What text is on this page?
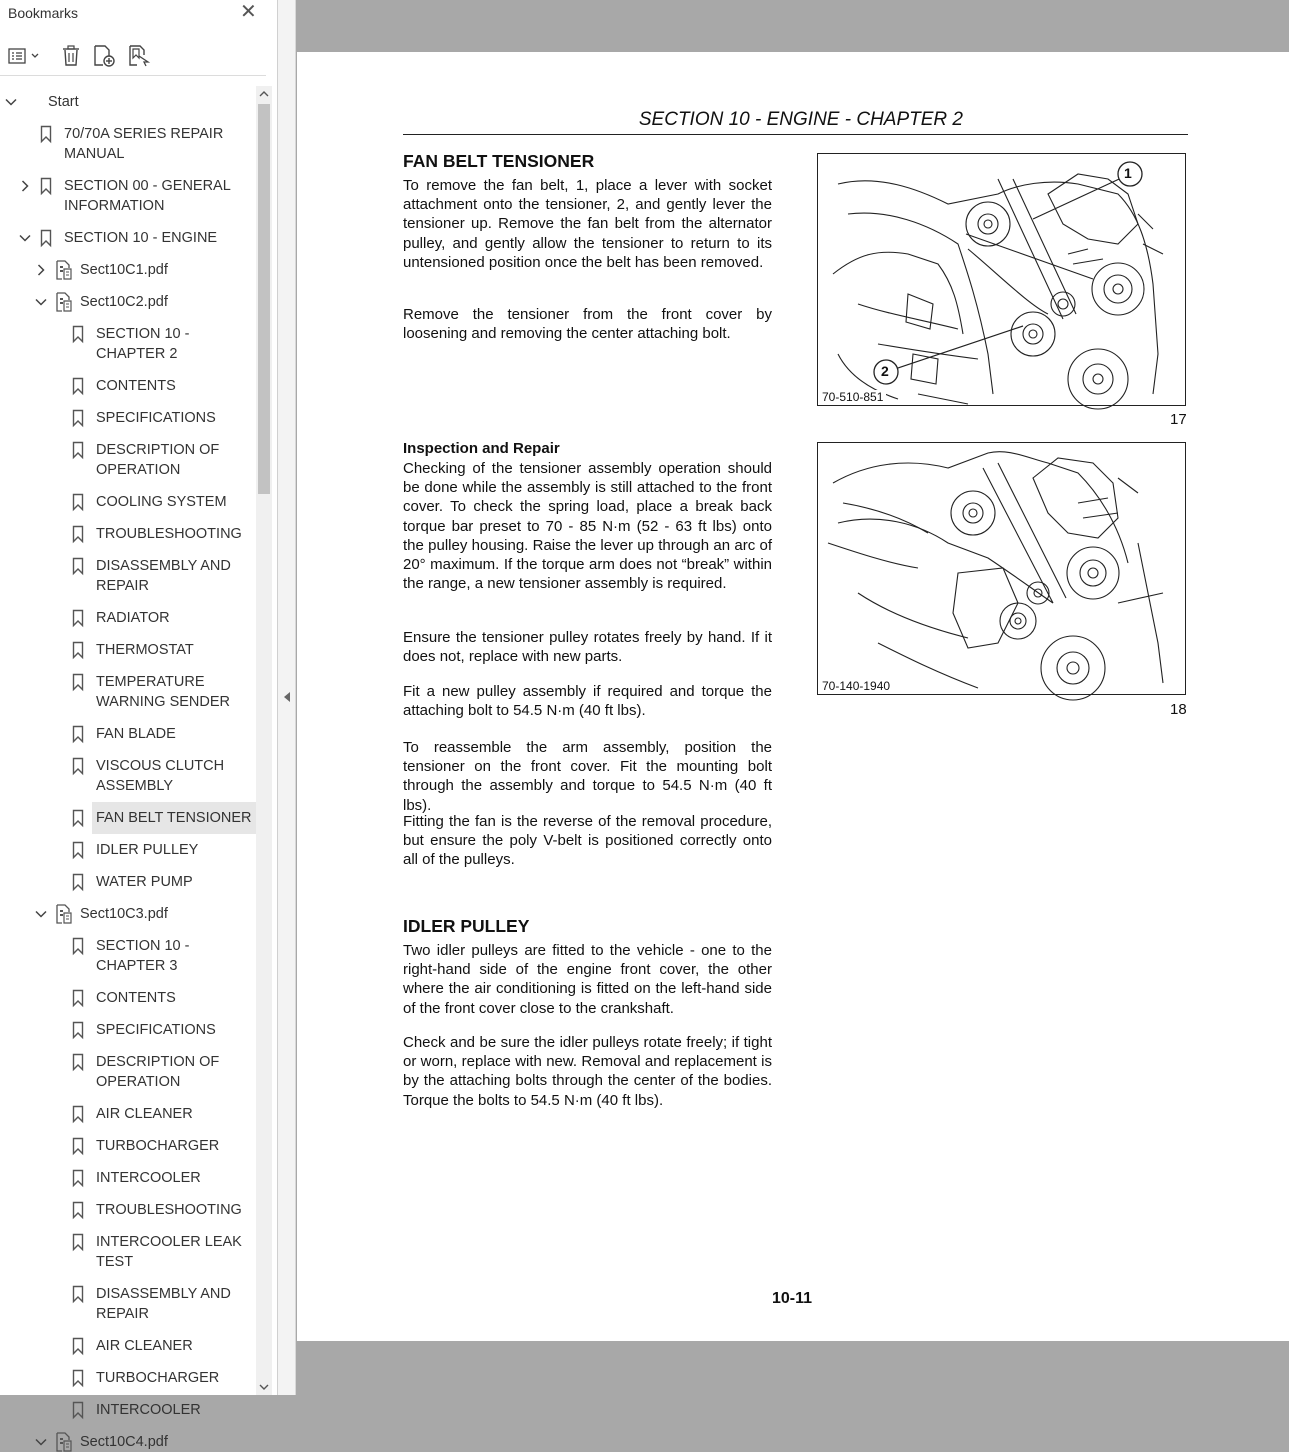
Bookmarks	✕
Start
70/70A SERIES REPAIR MANUAL
SECTION 00 - GENERAL INFORMATION
SECTION 10 - ENGINE
Sect10C1.pdf
Sect10C2.pdf
SECTION 10 - CHAPTER 2
CONTENTS
SPECIFICATIONS
DESCRIPTION OF OPERATION
COOLING SYSTEM
TROUBLESHOOTING
DISASSEMBLY AND REPAIR
RADIATOR
THERMOSTAT
TEMPERATURE WARNING SENDER
FAN BLADE
VISCOUS CLUTCH ASSEMBLY
FAN BELT TENSIONER
IDLER PULLEY
WATER PUMP
Sect10C3.pdf
SECTION 10 - CHAPTER 3
CONTENTS
SPECIFICATIONS
DESCRIPTION OF OPERATION
AIR CLEANER
TURBOCHARGER
INTERCOOLER
TROUBLESHOOTING
INTERCOOLER LEAK TEST
DISASSEMBLY AND REPAIR
AIR CLEANER
TURBOCHARGER
INTERCOOLER
Sect10C4.pdf
SECTION 10 - ENGINE - CHAPTER 2
FAN BELT TENSIONER
To remove the fan belt, 1, place a lever with socket attachment onto the tensioner, 2, and gently lever the tensioner up. Remove the fan belt from the alternator pulley, and gently allow the tensioner to return to its untensioned position once the belt has been removed.
Remove the tensioner from the front cover by loosening and removing the center attaching bolt.
Inspection and Repair
Checking of the tensioner assembly operation should be done while the assembly is still attached to the front cover. To check the spring load, place a break back torque bar preset to 70 - 85 N·m (52 - 63 ft lbs) onto the pulley housing. Raise the lever up through an arc of 20° maximum. If the torque arm does not “break” within the range, a new tensioner assembly is required.
Ensure the tensioner pulley rotates freely by hand. If it does not, replace with new parts.
Fit a new pulley assembly if required and torque the attaching bolt to 54.5 N·m (40 ft lbs).
To reassemble the arm assembly, position the tensioner on the front cover. Fit the mounting bolt through the assembly and torque to 54.5 N·m (40 ft lbs).
Fitting the fan is the reverse of the removal procedure, but ensure the poly V-belt is positioned correctly onto all of the pulleys.
IDLER PULLEY
Two idler pulleys are fitted to the vehicle - one to the right-hand side of the engine front cover, the other where the air conditioning is fitted on the left-hand side of the front cover close to the crankshaft.
Check and be sure the idler pulleys rotate freely; if tight or worn, replace with new. Removal and replacement is by the attaching bolts through the center of the bodies. Torque the bolts to 54.5 N·m (40 ft lbs).
1
2
70-510-851
17
70-140-1940
18
10-11
